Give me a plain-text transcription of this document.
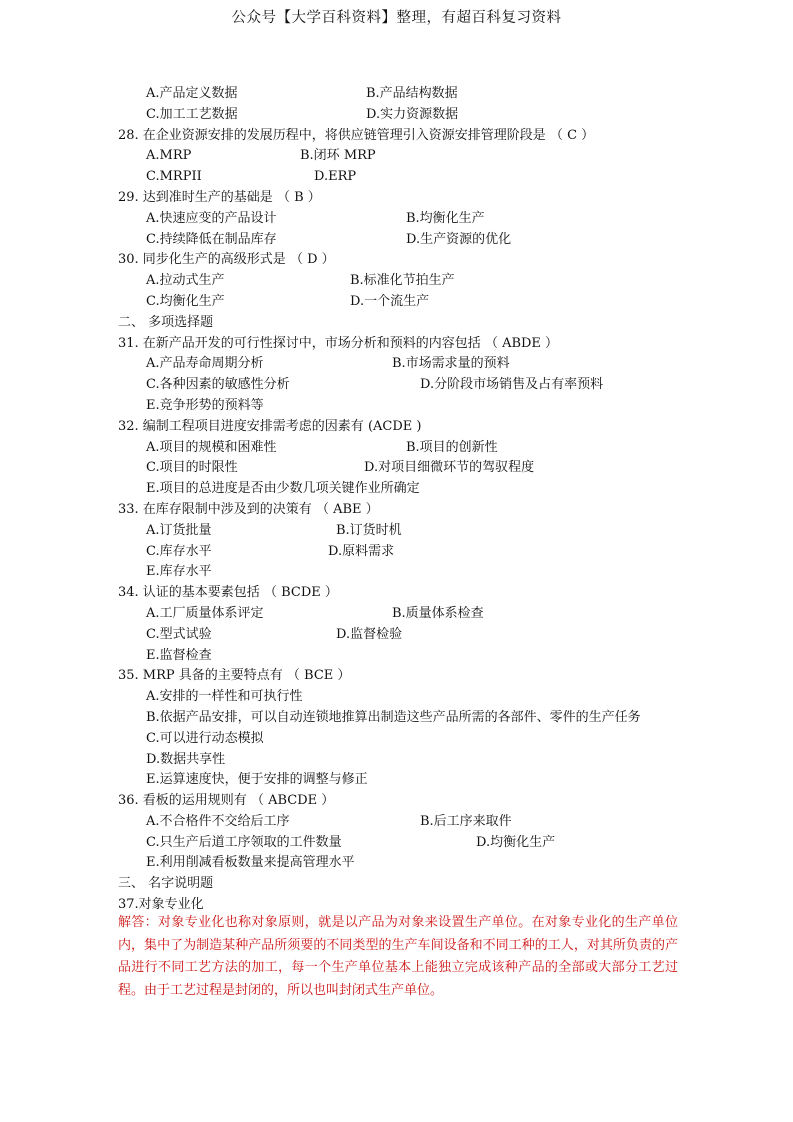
公众号【大学百科资料】整理，有超百科复习资料
A.产品定义数据	B.产品结构数据
C.加工工艺数据	D.实力资源数据
28. 在企业资源安排的发展历程中，将供应链管理引入资源安排管理阶段是 （ C ）
A.MRP	B.闭环 MRP
C.MRPII	D.ERP
29. 达到准时生产的基础是 （ B ）
A.快速应变的产品设计	B.均衡化生产
C.持续降低在制品库存	D.生产资源的优化
30. 同步化生产的高级形式是 （ D ）
A.拉动式生产	B.标准化节拍生产
C.均衡化生产	D.一个流生产
二、 多项选择题
31. 在新产品开发的可行性探讨中，市场分析和预料的内容包括 （ ABDE ）
A.产品寿命周期分析	B.市场需求量的预料
C.各种因素的敏感性分析	D.分阶段市场销售及占有率预料
E.竞争形势的预料等
32. 编制工程项目进度安排需考虑的因素有 (ACDE )
A.项目的规模和困难性	B.项目的创新性
C.项目的时限性	D.对项目细微环节的驾驭程度
E.项目的总进度是否由少数几项关键作业所确定
33. 在库存限制中涉及到的决策有 （ ABE ）
A.订货批量	B.订货时机
C.库存水平	D.原料需求
E.库存水平
34. 认证的基本要素包括 （ BCDE ）
A.工厂质量体系评定	B.质量体系检查
C.型式试验	D.监督检验
E.监督检查
35. MRP 具备的主要特点有 （ BCE ）
A.安排的一样性和可执行性
B.依据产品安排，可以自动连锁地推算出制造这些产品所需的各部件、零件的生产任务
C.可以进行动态模拟
D.数据共享性
E.运算速度快，便于安排的调整与修正
36. 看板的运用规则有 （ ABCDE ）
A.不合格件不交给后工序	B.后工序来取件
C.只生产后道工序领取的工件数量	D.均衡化生产
E.利用削减看板数量来提高管理水平
三、 名字说明题
37.对象专业化
解答：对象专业化也称对象原则，就是以产品为对象来设置生产单位。在对象专业化的生产单位内，集中了为制造某种产品所须要的不同类型的生产车间设备和不同工种的工人，对其所负责的产品进行不同工艺方法的加工，每一个生产单位基本上能独立完成该种产品的全部或大部分工艺过程。由于工艺过程是封闭的，所以也叫封闭式生产单位。
